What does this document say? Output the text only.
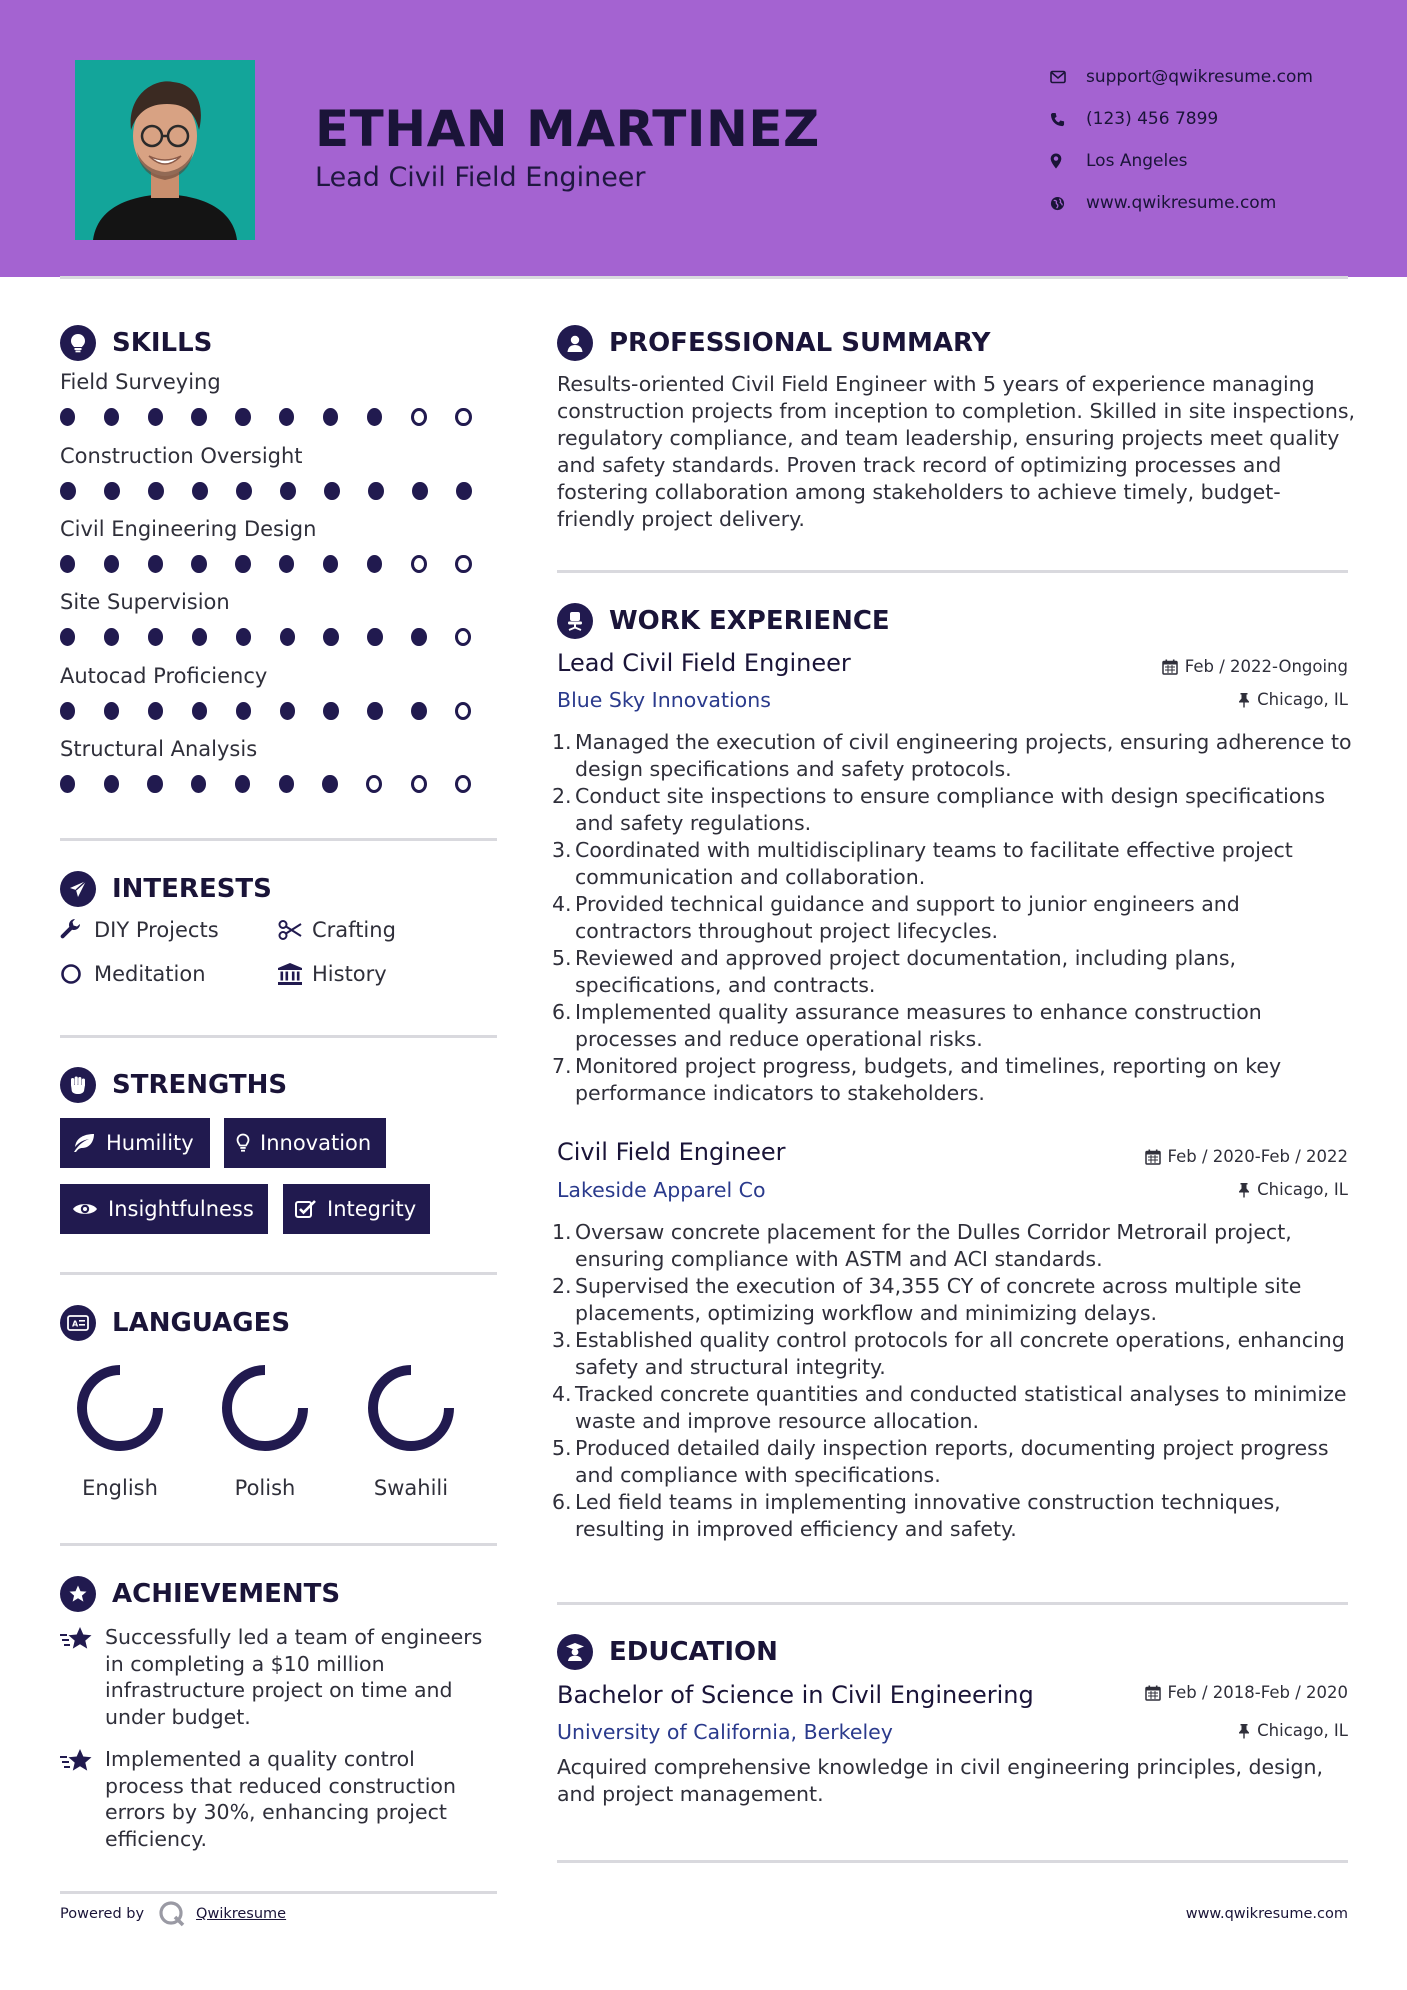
ETHAN MARTINEZ
Lead Civil Field Engineer
support@qwikresume.com
(123) 456 7899
Los Angeles
www.qwikresume.com
SKILLS
Field Surveying
Construction Oversight
Civil Engineering Design
Site Supervision
Autocad Proficiency
Structural Analysis
INTERESTS
DIY Projects	Crafting
Meditation	History
STRENGTHS
Humility	Innovation
Insightfulness	Integrity
A LANGUAGES
English	Polish	Swahili
ACHIEVEMENTS
Successfully led a team of engineers in completing a $10 million infrastructure project on time and under budget.
Implemented a quality control process that reduced construction errors by 30%, enhancing project efficiency.
PROFESSIONAL SUMMARY
Results-oriented Civil Field Engineer with 5 years of experience managing construction projects from inception to completion. Skilled in site inspections, regulatory compliance, and team leadership, ensuring projects meet quality and safety standards. Proven track record of optimizing processes and fostering collaboration among stakeholders to achieve timely, budget-friendly project delivery.
WORK EXPERIENCE
Lead Civil Field Engineer	Feb / 2022-Ongoing
Blue Sky Innovations	Chicago, IL
1. Managed the execution of civil engineering projects, ensuring adherence to design specifications and safety protocols.
2. Conduct site inspections to ensure compliance with design specifications and safety regulations.
3. Coordinated with multidisciplinary teams to facilitate effective project communication and collaboration.
4. Provided technical guidance and support to junior engineers and contractors throughout project lifecycles.
5. Reviewed and approved project documentation, including plans, specifications, and contracts.
6. Implemented quality assurance measures to enhance construction processes and reduce operational risks.
7. Monitored project progress, budgets, and timelines, reporting on key performance indicators to stakeholders.
Civil Field Engineer	Feb / 2020-Feb / 2022
Lakeside Apparel Co	Chicago, IL
1. Oversaw concrete placement for the Dulles Corridor Metrorail project, ensuring compliance with ASTM and ACI standards.
2. Supervised the execution of 34,355 CY of concrete across multiple site placements, optimizing workflow and minimizing delays.
3. Established quality control protocols for all concrete operations, enhancing safety and structural integrity.
4. Tracked concrete quantities and conducted statistical analyses to minimize waste and improve resource allocation.
5. Produced detailed daily inspection reports, documenting project progress and compliance with specifications.
6. Led field teams in implementing innovative construction techniques, resulting in improved efficiency and safety.
EDUCATION
Bachelor of Science in Civil Engineering	Feb / 2018-Feb / 2020
University of California, Berkeley	Chicago, IL
Acquired comprehensive knowledge in civil engineering principles, design, and project management.
Powered by	Qwikresume	www.qwikresume.com
